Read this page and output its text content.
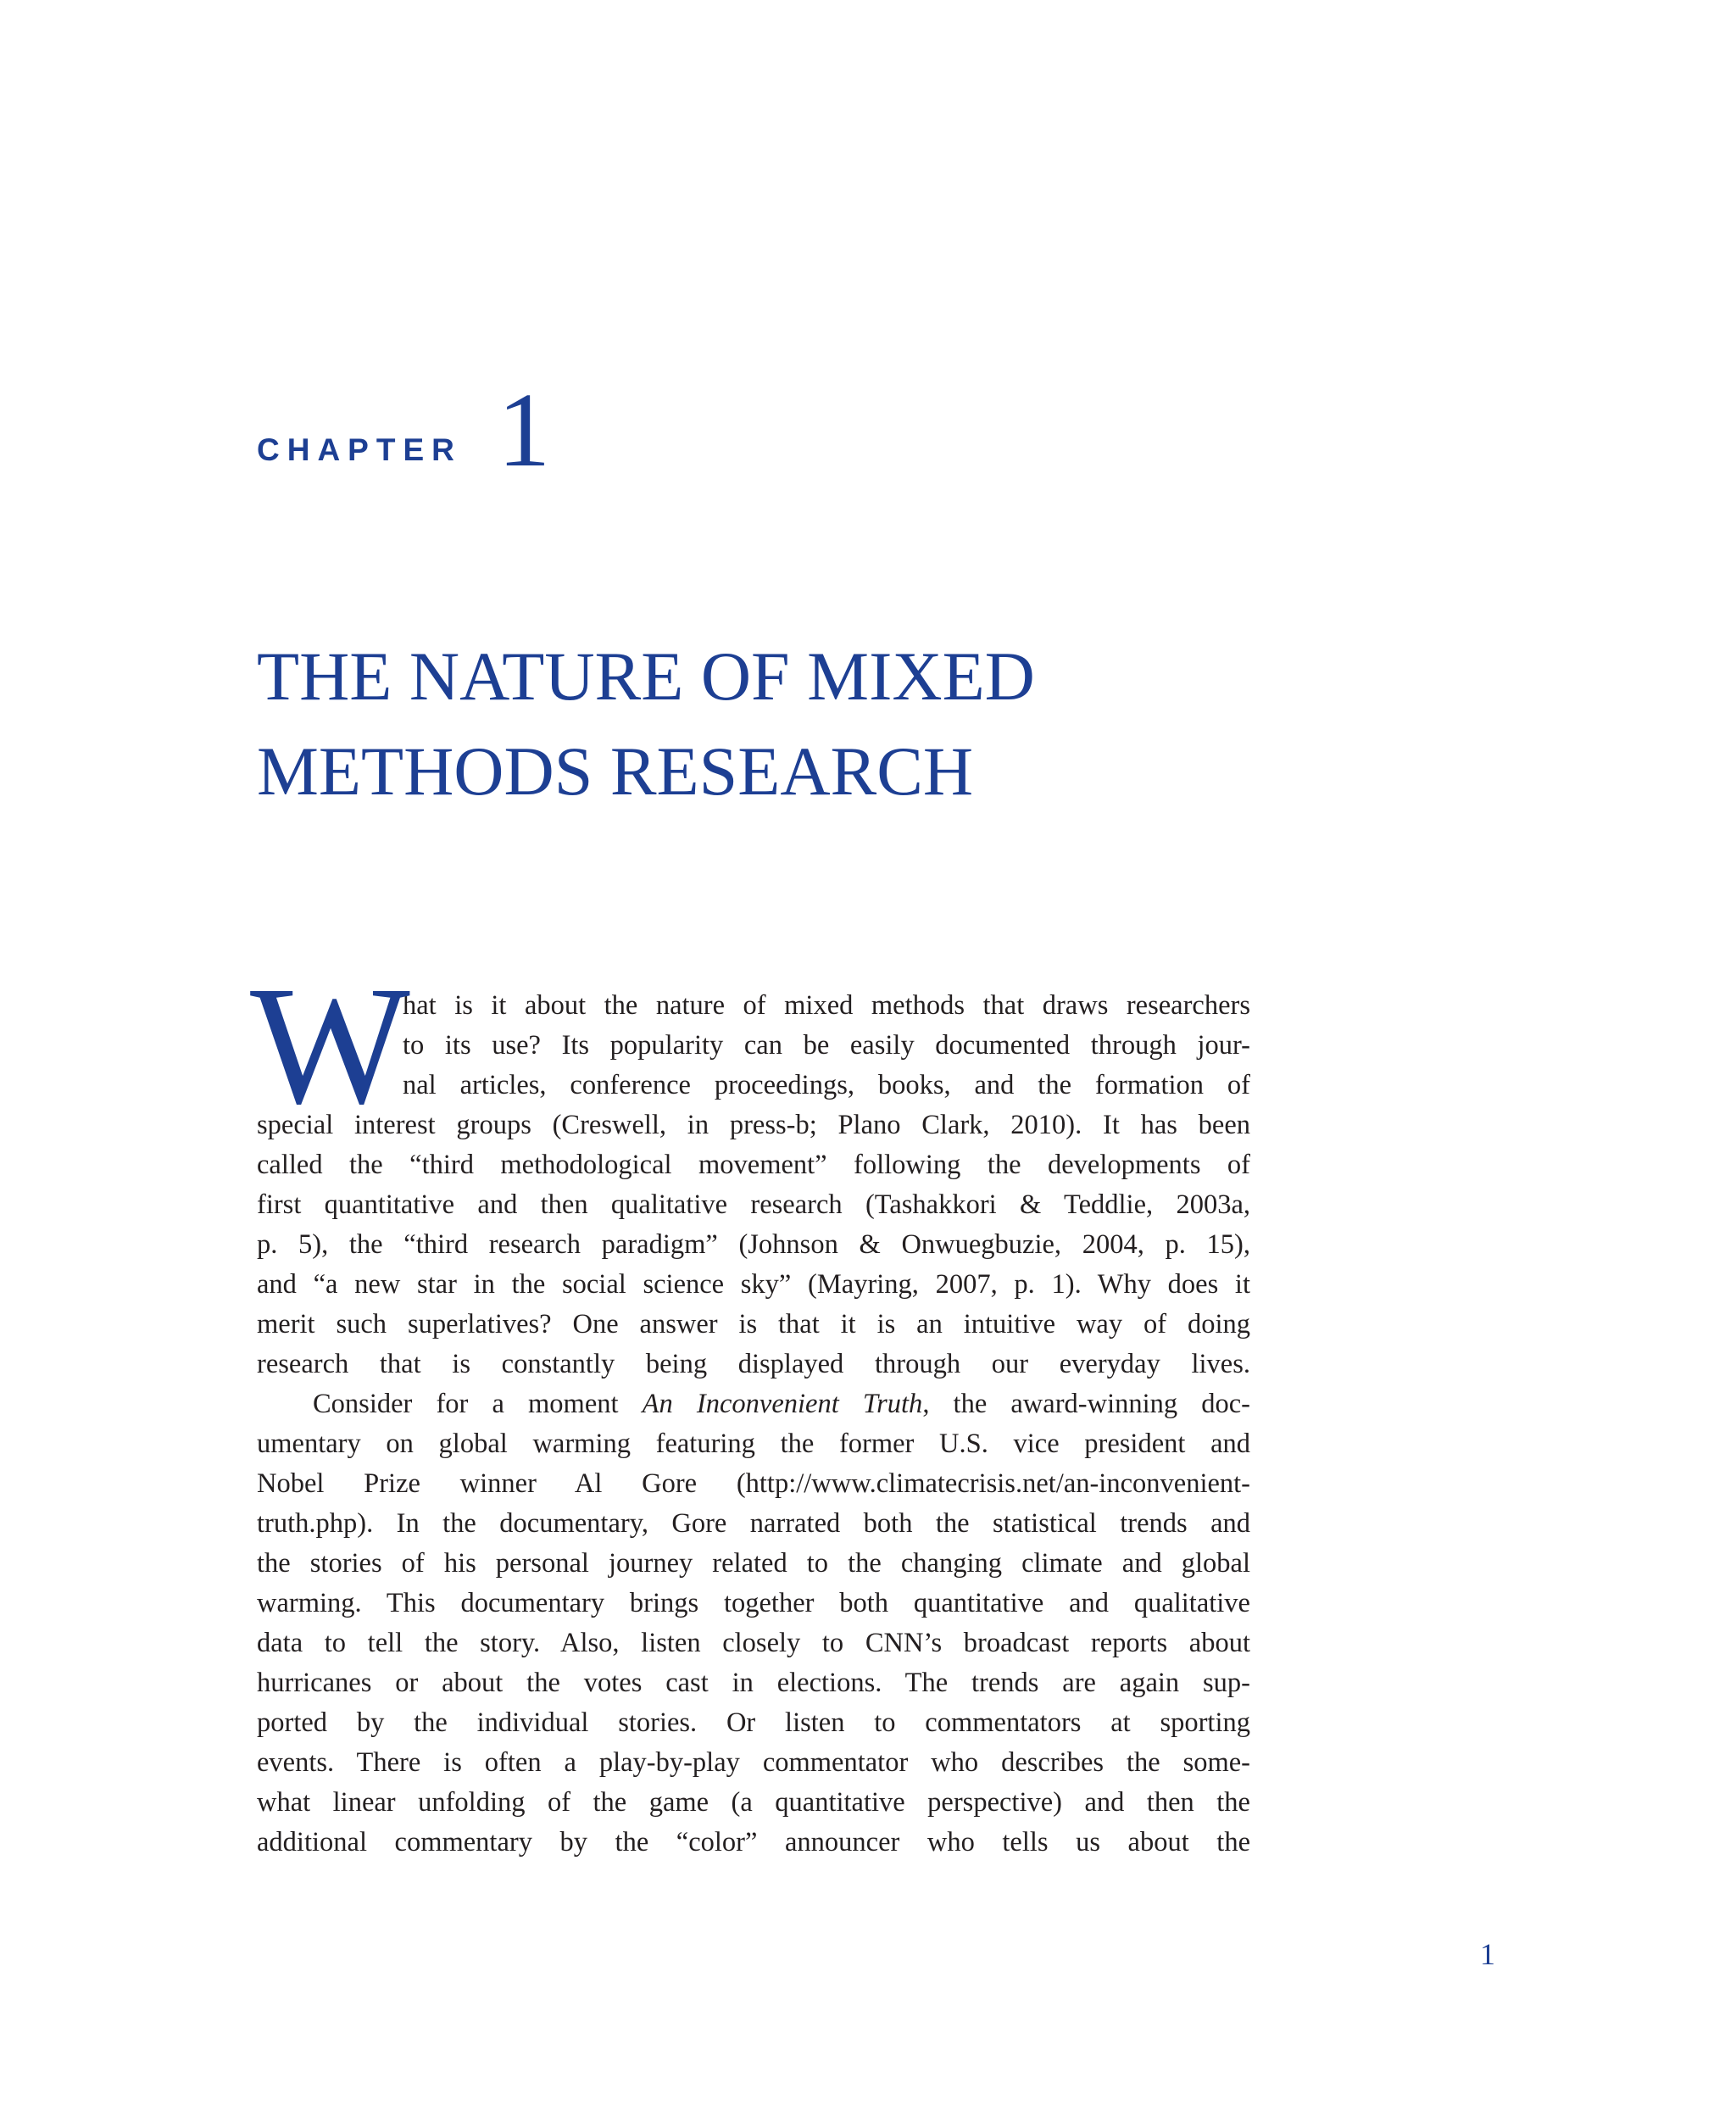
CHAPTER 1
THE NATURE OF MIXED
METHODS RESEARCH
W

hat is it about the nature of mixed methods that draws researchers
to its use? Its popularity can be easily documented through jour-
nal articles, conference proceedings, books, and the formation of
special interest groups (Creswell, in press-b; Plano Clark, 2010). It has been
called the “third methodological movement” following the developments of
first quantitative and then qualitative research (Tashakkori & Teddlie, 2003a,
p. 5), the “third research paradigm” (Johnson & Onwuegbuzie, 2004, p. 15),
and “a new star in the social science sky” (Mayring, 2007, p. 1). Why does it
merit such superlatives? One answer is that it is an intuitive way of doing
research that is constantly being displayed through our everyday lives.

Consider for a moment An Inconvenient Truth, the award-winning doc-
umentary on global warming featuring the former U.S. vice president and
Nobel Prize winner Al Gore (http://www.climatecrisis.net/an-inconvenient-
truth.php). In the documentary, Gore narrated both the statistical trends and
the stories of his personal journey related to the changing climate and global
warming. This documentary brings together both quantitative and qualitative
data to tell the story. Also, listen closely to CNN’s broadcast reports about
hurricanes or about the votes cast in elections. The trends are again sup-
ported by the individual stories. Or listen to commentators at sporting
events. There is often a play-by-play commentator who describes the some-
what linear unfolding of the game (a quantitative perspective) and then the
additional commentary by the “color” announcer who tells us about the

1
